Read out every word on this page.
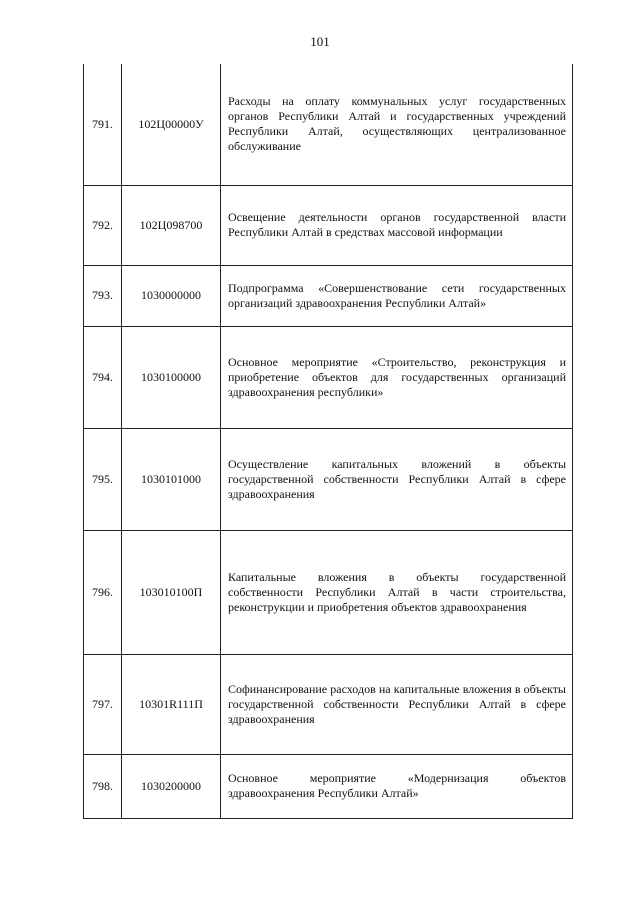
101
791.	102Ц00000У	Расходы на оплату коммунальных услуг государственных органов Республики Алтай и государственных учреждений Республики Алтай, осуществляющих централизованное обслуживание
792.	102Ц098700	Освещение деятельности органов государственной власти Республики Алтай в средствах массовой информации
793.	1030000000	Подпрограмма «Совершенствование сети государственных организаций здравоохранения Республики Алтай»
794.	1030100000	Основное мероприятие «Строительство, реконструкция и приобретение объектов для государственных организаций здравоохранения республики»
795.	1030101000	Осуществление капитальных вложений в объекты государственной собственности Республики Алтай в сфере здравоохранения
796.	103010100П	Капитальные вложения в объекты государственной собственности Республики Алтай в части строительства, реконструкции и приобретения объектов здравоохранения
797.	10301R111П	Софинансирование расходов на капитальные вложения в объекты государственной собственности Республики Алтай в сфере здравоохранения
798.	1030200000	Основное мероприятие «Модернизация объектов здравоохранения Республики Алтай»
